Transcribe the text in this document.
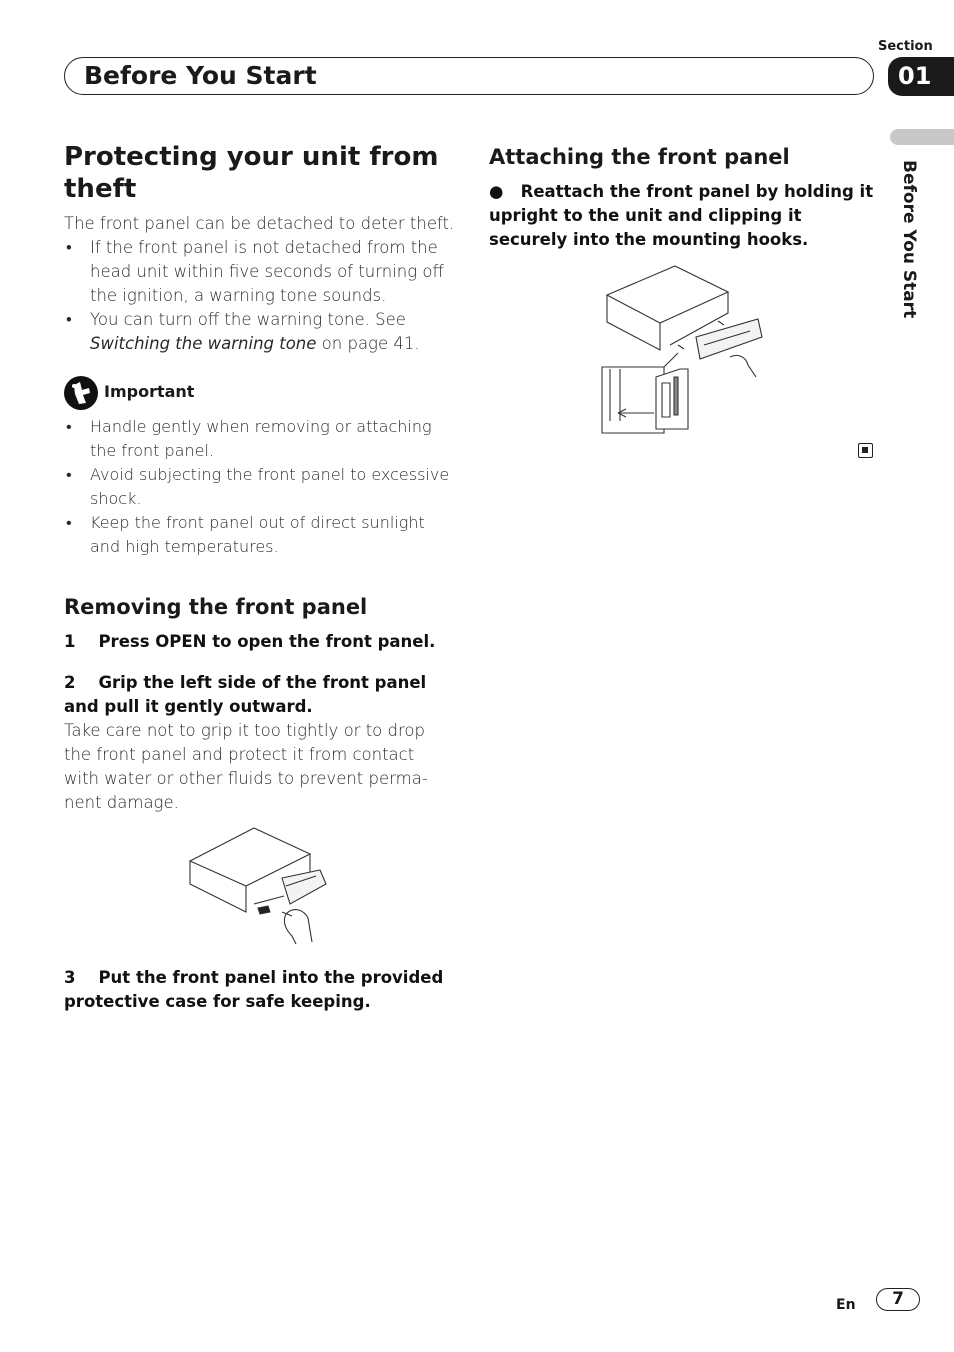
Section
Before You Start	01
Before You Start
Protecting your unit from theft
The front panel can be detached to deter theft.
• If the front panel is not detached from the head unit within five seconds of turning off the ignition, a warning tone sounds.
• You can turn off the warning tone. See
Switching the warning tone on page 41.
Important
• Handle gently when removing or attaching the front panel.
• Avoid subjecting the front panel to excessive shock.
• Keep the front panel out of direct sunlight and high temperatures.
Removing the front panel
1 Press OPEN to open the front panel.
2 Grip the left side of the front panel and pull it gently outward.
Take care not to grip it too tightly or to drop the front panel and protect it from contact with water or other fluids to prevent perma-nent damage.
3 Put the front panel into the provided protective case for safe keeping.
Attaching the front panel
● Reattach the front panel by holding it upright to the unit and clipping it securely into the mounting hooks.
En	7
